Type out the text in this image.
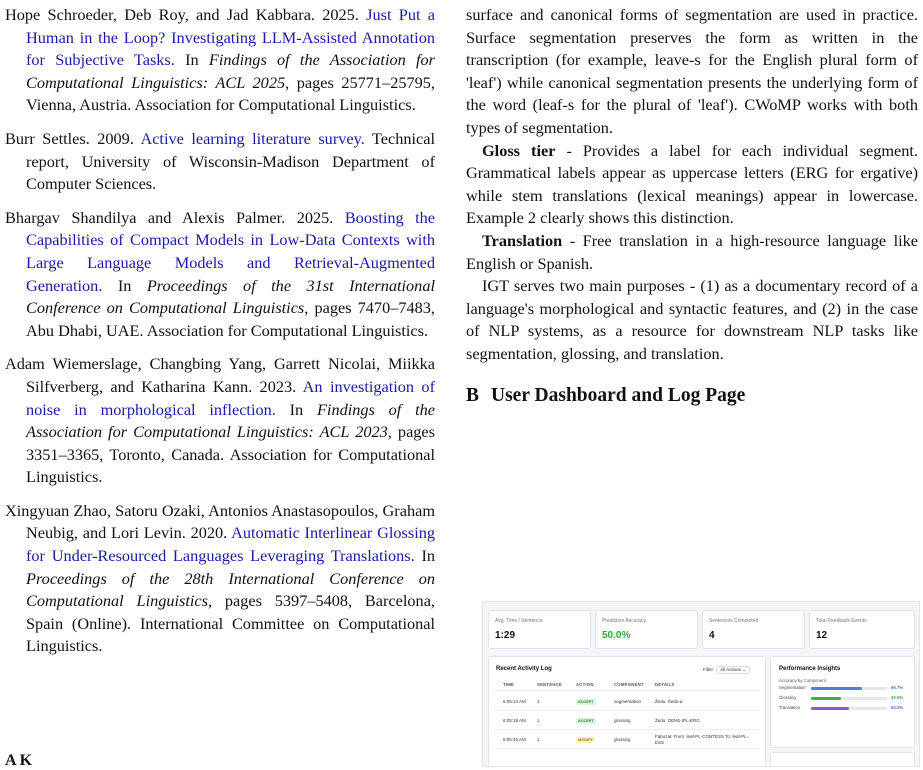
Hope Schroeder, Deb Roy, and Jad Kabbara. 2025. Just Put a Human in the Loop? Investigating LLM-Assisted Annotation for Subjective Tasks. In Findings of the Association for Computational Linguistics: ACL 2025, pages 25771–25795, Vienna, Austria. Association for Computational Linguistics.

Burr Settles. 2009. Active learning literature survey. Technical report, University of Wisconsin-Madison Department of Computer Sciences.

Bhargav Shandilya and Alexis Palmer. 2025. Boosting the Capabilities of Compact Models in Low-Data Contexts with Large Language Models and Retrieval-Augmented Generation. In Proceedings of the 31st International Conference on Computational Linguistics, pages 7470–7483, Abu Dhabi, UAE. Association for Computational Linguistics.

Adam Wiemerslage, Changbing Yang, Garrett Nicolai, Miikka Silfverberg, and Katharina Kann. 2023. An investigation of noise in morphological inflection. In Findings of the Association for Computational Linguistics: ACL 2023, pages 3351–3365, Toronto, Canada. Association for Computational Linguistics.

Xingyuan Zhao, Satoru Ozaki, Antonios Anastasopoulos, Graham Neubig, and Lori Levin. 2020. Automatic Interlinear Glossing for Under-Resourced Languages Leveraging Translations. In Proceedings of the 28th International Conference on Computational Linguistics, pages 5397–5408, Barcelona, Spain (Online). International Committee on Computational Linguistics.

A K

surface and canonical forms of segmentation are used in practice. Surface segmentation preserves the form as written in the transcription (for example, leave-s for the English plural form of 'leaf') while canonical segmentation presents the underlying form of the word (leaf-s for the plural of 'leaf'). CWoMP works with both types of segmentation.

Gloss tier - Provides a label for each individual segment. Grammatical labels appear as uppercase letters (ERG for ergative) while stem translations (lexical meanings) appear in lowercase. Example 2 clearly shows this distinction.

Translation - Free translation in a high-resource language like English or Spanish.

IGT serves two main purposes - (1) as a documentary record of a language's morphological and syntactic features, and (2) in the case of NLP systems, as a resource for downstream NLP tasks like segmentation, glossing, and translation.

B User Dashboard and Log Page
Avg. Time / Sentence
1:29
Prediction Accuracy
50.0%
Sentences Completed
4
Total Feedback Events
12
Recent Activity Log	Filter: All Actions ⌄
TIME	SENTENCE	ACTION	COMPONENT	DETAILS
6:05:14 AM 1	ACCEPT	segmentation	Žedu: Šedu-a
6:05:18 AM 1	ACCEPT	glossing	Žedu: DEM1-IPL-ERG
6:05:45 AM 1	MODIFY	glossing
Fabozał: From: leaf-PL-CONTESS To: leaf-PL-ESS
Performance Insights
Accuracy by Component
Segmentation	66.7%
Glossing	40.0%
Translation	50.0%
